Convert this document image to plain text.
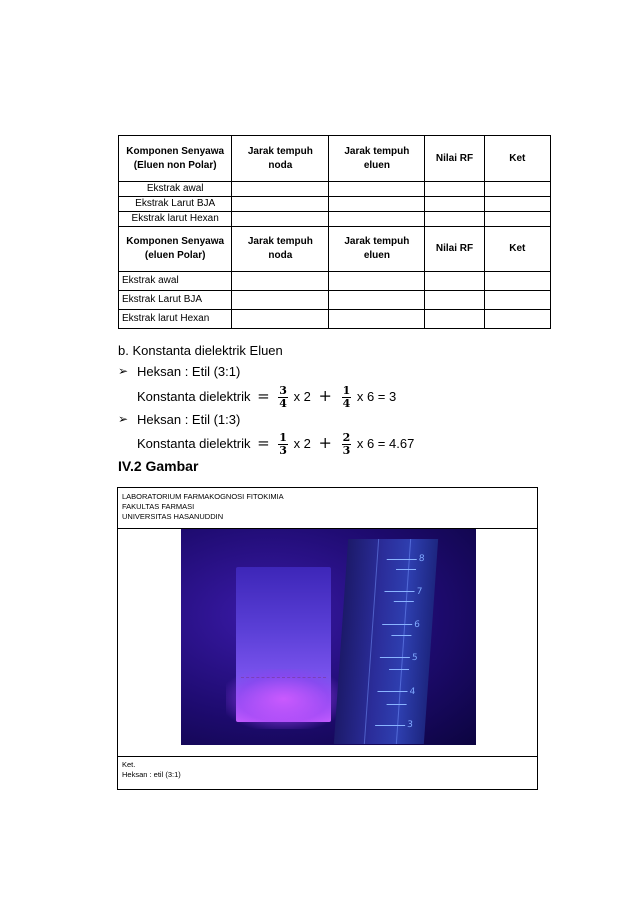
Komponen Senyawa (Eluen non Polar)	Jarak tempuh noda	Jarak tempuh eluen	Nilai RF	Ket
Ekstrak awal				
Ekstrak Larut BJA				
Ekstrak larut Hexan				
Komponen Senyawa (eluen Polar)	Jarak tempuh noda	Jarak tempuh eluen	Nilai RF	Ket
Ekstrak awal				
Ekstrak Larut BJA				
Ekstrak larut Hexan				
b. Konstanta dielektrik Eluen
➢ Heksan : Etil (3:1)
Konstanta dielektrik = $\frac{3}{4}$ x $2 + \frac{1}{4}$ x 6 = 3
➢ Heksan : Etil (1:3)
Konstanta dielektrik = $\frac{1}{3}$ x $2 + \frac{2}{3}$ x 6 = 4.67
IV.2 Gambar
LABORATORIUM FARMAKOGNOSI FITOKIMIA
FAKULTAS FARMASI
UNIVERSITAS HASANUDDIN
Ket.
Heksan : etil (3:1)
8
7
6
5
4
3
